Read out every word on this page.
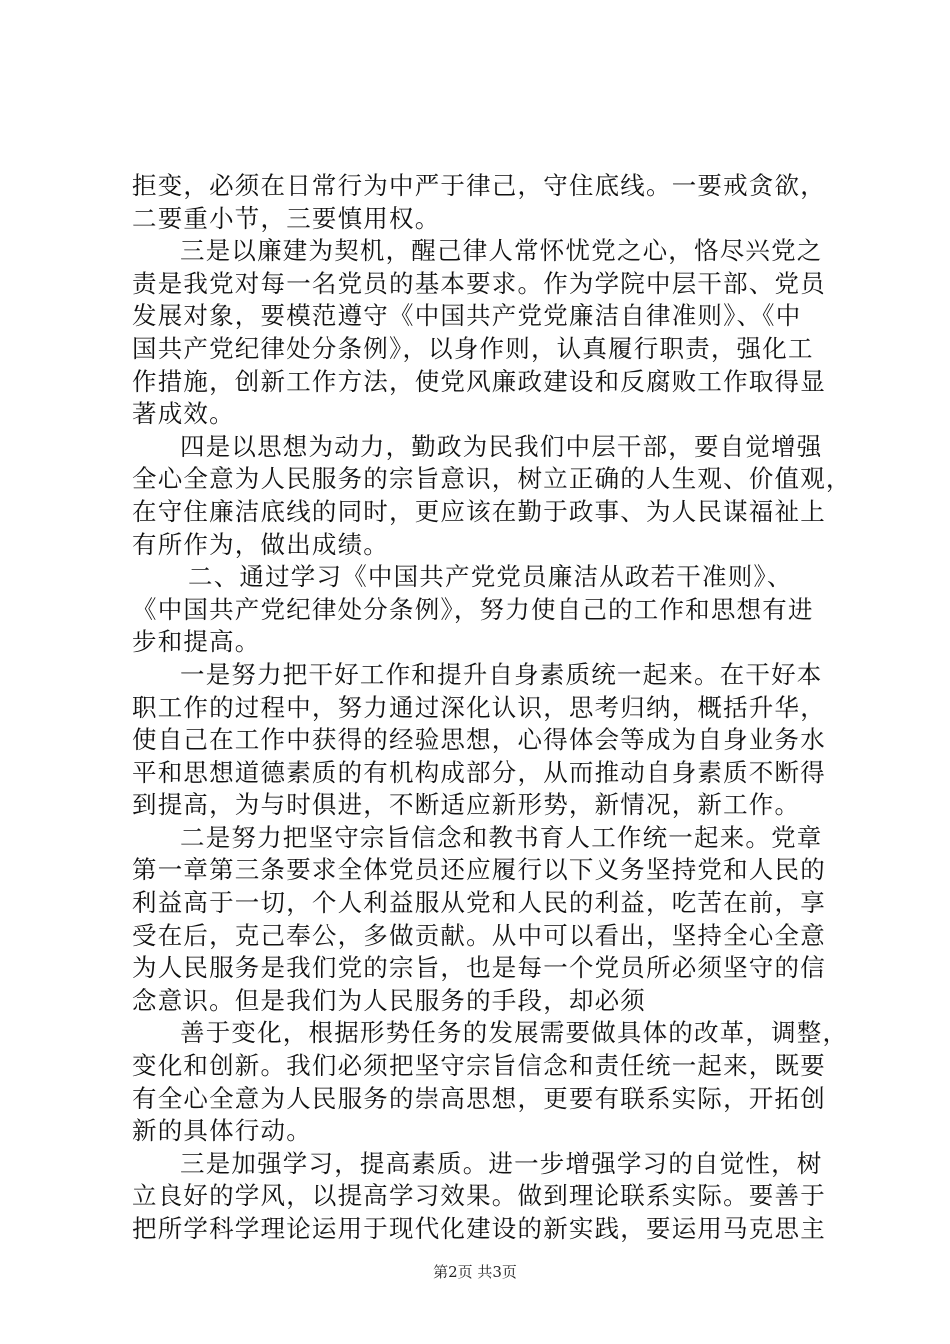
拒变，必须在日常行为中严于律己，守住底线。一要戒贪欲，
二要重小节，三要慎用权。
三是以廉建为契机，醒己律人常怀忧党之心，恪尽兴党之
责是我党对每一名党员的基本要求。作为学院中层干部、党员
发展对象，要模范遵守《中国共产党党廉洁自律准则》、《中
国共产党纪律处分条例》，以身作则，认真履行职责，强化工
作措施，创新工作方法，使党风廉政建设和反腐败工作取得显
著成效。
四是以思想为动力，勤政为民我们中层干部，要自觉增强
全心全意为人民服务的宗旨意识，树立正确的人生观、价值观，
在守住廉洁底线的同时，更应该在勤于政事、为人民谋福祉上
有所作为，做出成绩。
二、通过学习《中国共产党党员廉洁从政若干准则》、
《中国共产党纪律处分条例》，努力使自己的工作和思想有进
步和提高。
一是努力把干好工作和提升自身素质统一起来。在干好本
职工作的过程中，努力通过深化认识，思考归纳，概括升华，
使自己在工作中获得的经验思想，心得体会等成为自身业务水
平和思想道德素质的有机构成部分，从而推动自身素质不断得
到提高，为与时俱进，不断适应新形势，新情况，新工作。
二是努力把坚守宗旨信念和教书育人工作统一起来。党章
第一章第三条要求全体党员还应履行以下义务坚持党和人民的
利益高于一切，个人利益服从党和人民的利益，吃苦在前，享
受在后，克己奉公，多做贡献。从中可以看出，坚持全心全意
为人民服务是我们党的宗旨，也是每一个党员所必须坚守的信
念意识。但是我们为人民服务的手段，却必须
善于变化，根据形势任务的发展需要做具体的改革，调整，
变化和创新。我们必须把坚守宗旨信念和责任统一起来，既要
有全心全意为人民服务的崇高思想，更要有联系实际，开拓创
新的具体行动。
三是加强学习，提高素质。进一步增强学习的自觉性，树
立良好的学风，以提高学习效果。做到理论联系实际。要善于
把所学科学理论运用于现代化建设的新实践，要运用马克思主
第2页 共3页
